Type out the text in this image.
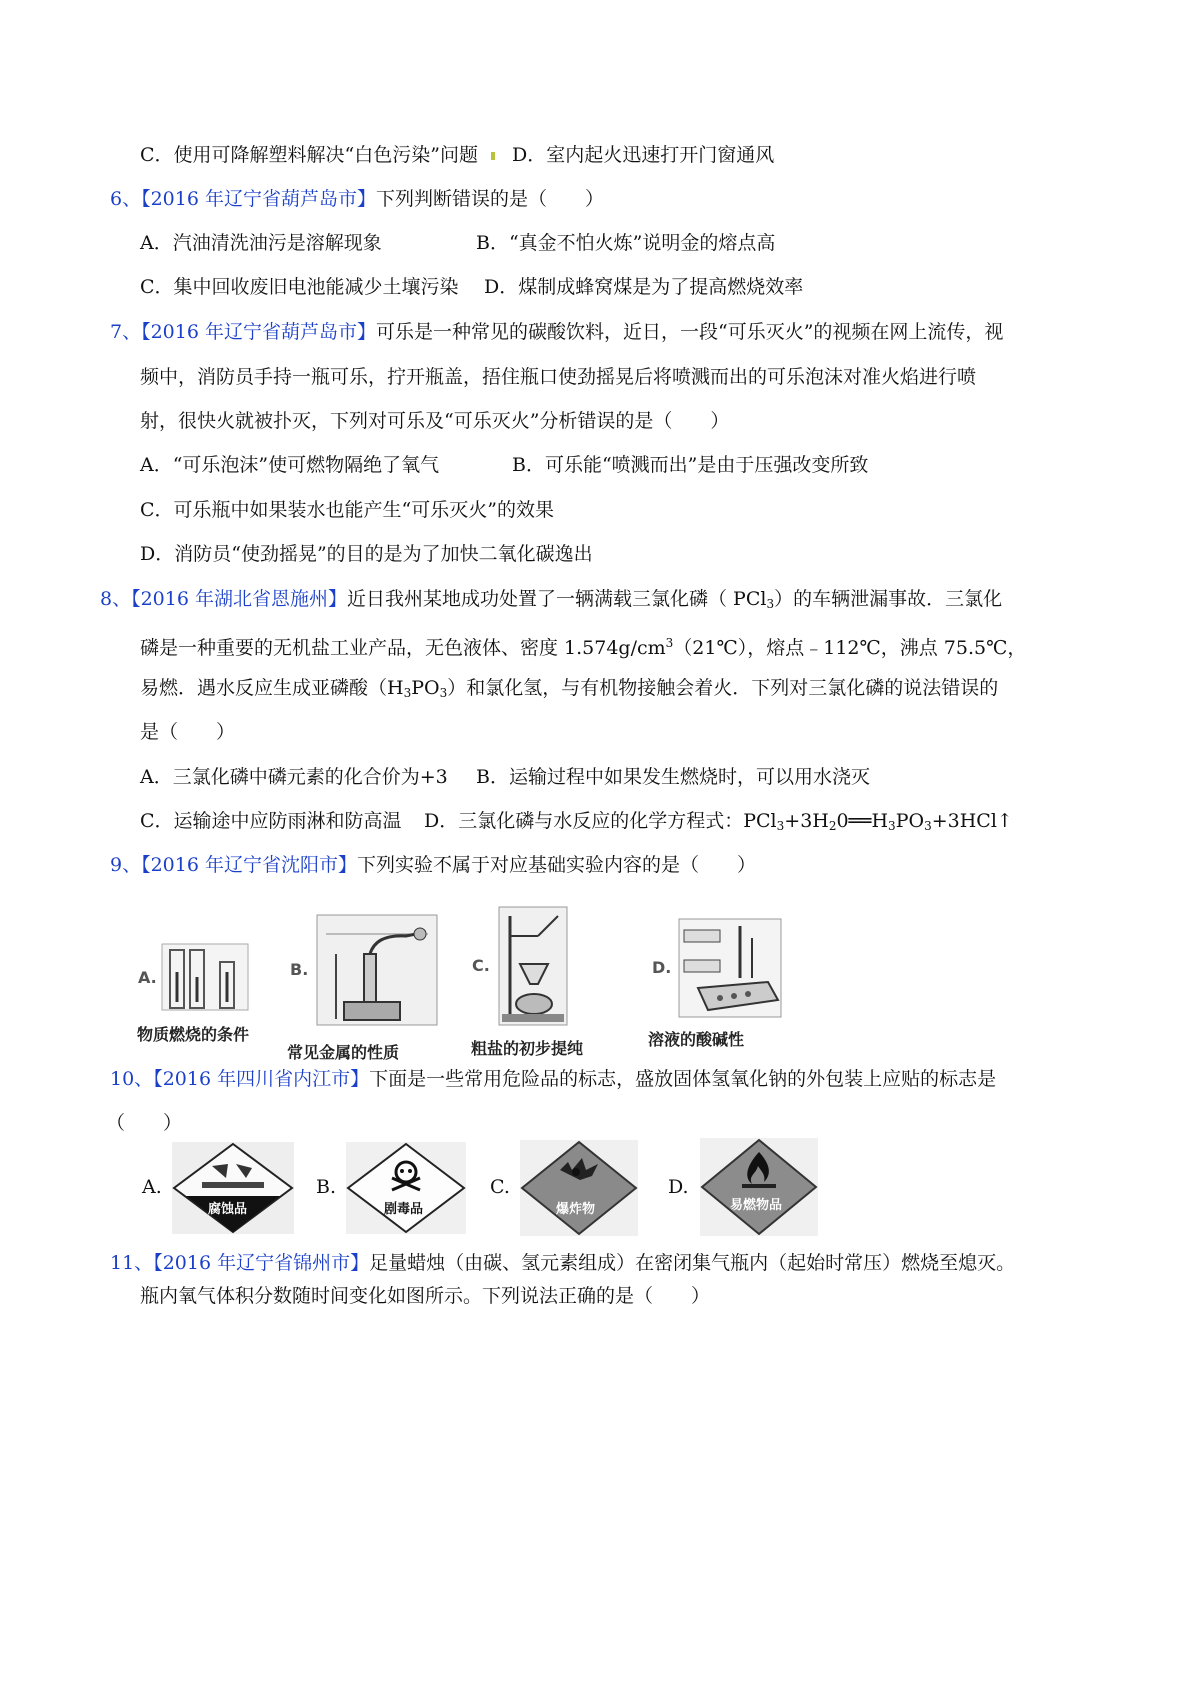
C．使用可降解塑料解决“白色污染”问题 D．室内起火迅速打开门窗通风
6、【2016 年辽宁省葫芦岛市】下列判断错误的是（　　）
A．汽油清洗油污是溶解现象	B．“真金不怕火炼”说明金的熔点高
C．集中回收废旧电池能减少土壤污染 D．煤制成蜂窝煤是为了提高燃烧效率
7、【2016 年辽宁省葫芦岛市】可乐是一种常见的碳酸饮料，近日，一段“可乐灭火”的视频在网上流传，视
频中，消防员手持一瓶可乐，拧开瓶盖，捂住瓶口使劲摇晃后将喷溅而出的可乐泡沫对准火焰进行喷
射，很快火就被扑灭，下列对可乐及“可乐灭火”分析错误的是（　　）
A．“可乐泡沫”使可燃物隔绝了氧气	B．可乐能“喷溅而出”是由于压强改变所致
C．可乐瓶中如果装水也能产生“可乐灭火”的效果
D．消防员“使劲摇晃”的目的是为了加快二氧化碳逸出
8、【2016 年湖北省恩施州】近日我州某地成功处置了一辆满载三氯化磷（ PCl$_3$）的车辆泄漏事故．三氯化
磷是一种重要的无机盐工业产品，无色液体、密度 $1.574g/cm^3(21℃)$，熔点﹣112℃，沸点 75.5℃，
易燃．遇水反应生成亚磷酸$(H_3PO_3)$和氯化氢，与有机物接触会着火．下列对三氯化磷的说法错误的
是（　　）
A．三氯化磷中磷元素的化合价为+3 B．运输过程中如果发生燃烧时，可以用水浇灭
C．运输途中应防雨淋和防高温 D．三氯化磷与水反应的化学方程式：$PCl_3+3H_20══H_3PO_3+3HCl↑$
9、【2016 年辽宁省沈阳市】下列实验不属于对应基础实验内容的是（　　）
A.
物质燃烧的条件
B.
常见金属的性质
C.
粗盐的初步提纯
D.
溶液的酸碱性
10、【2016 年四川省内江市】下面是一些常用危险品的标志，盛放固体氢氧化钠的外包装上应贴的标志是
（　　）
A.
腐蚀品
B.
剧毒品
C.
爆炸物
D.
易燃物品
11、【2016 年辽宁省锦州市】足量蜡烛（由碳、氢元素组成）在密闭集气瓶内（起始时常压）燃烧至熄灭。
瓶内氧气体积分数随时间变化如图所示。下列说法正确的是（　　）
